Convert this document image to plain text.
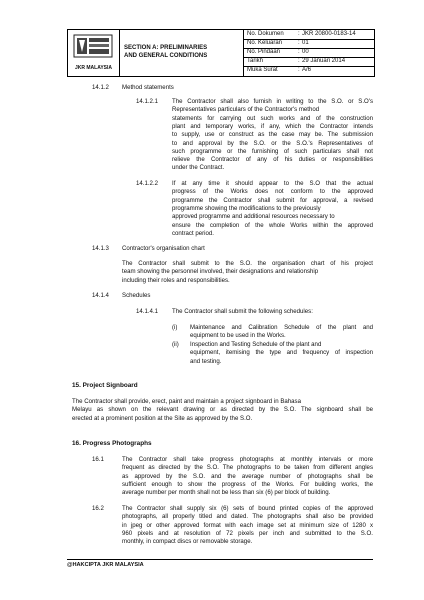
JKR MALAYSIA
SECTION A: PRELIMINARIES
AND GENERAL CONDITIONS
No. Dokumen : JKR 20800-0183-14
No. Keluaran	: 01
No. Pindaan	: 00
Tarikh	: 29 Januari 2014
Muka Surat	: A/6
14.1.2 Method statements
14.1.2.1 The Contractor shall also furnish in writing to the S.O. or S.O's
Representatives particulars of the Contractor's method
statements for carrying out such works and of the construction
plant and temporary works, if any, which the Contractor intends
to supply, use or construct as the case may be. The submission
to and approval by the S.O. or the S.O.'s Representatives of
such programme or the furnishing of such particulars shall not
relieve the Contractor of any of his duties or responsibilities
under the Contract.
14.1.2.2 If at any time it should appear to the S.O that the actual
progress of the Works does not conform to the approved
programme the Contractor shall submit for approval, a revised
programme showing the modifications to the previously
approved programme and additional resources necessary to
ensure the completion of the whole Works within the approved
contract period.
14.1.3 Contractor's organisation chart
The Contractor shall submit to the S.O. the organisation chart of his project
team showing the personnel involved, their designations and relationship
including their roles and responsibilities.
14.1.4 Schedules
14.1.4.1 The Contractor shall submit the following schedules:
(i) Maintenance and Calibration Schedule of the plant and
equipment to be used in the Works.
(ii) Inspection and Testing Schedule of the plant and
equipment, itemising the type and frequency of inspection
and testing.
15. Project Signboard
The Contractor shall provide, erect, paint and maintain a project signboard in Bahasa
Melayu as shown on the relevant drawing or as directed by the S.O. The signboard shall be
erected at a prominent position at the Site as approved by the S.O.
16. Progress Photographs
16.1	The Contractor shall take progress photographs at monthly intervals or more
frequent as directed by the S.O. The photographs to be taken from different angles
as approved by the S.O. and the average number of photographs shall be
sufficient enough to show the progress of the Works. For building works, the
average number per month shall not be less than six (6) per block of building.
16.2	The Contractor shall supply six (6) sets of bound printed copies of the approved
photographs, all properly titled and dated. The photographs shall also be provided
in jpeg or other approved format with each image set at minimum size of 1280 x
960 pixels and at resolution of 72 pixels per inch and submitted to the S.O.
monthly, in compact discs or removable storage.
@HAKCIPTA JKR MALAYSIA
